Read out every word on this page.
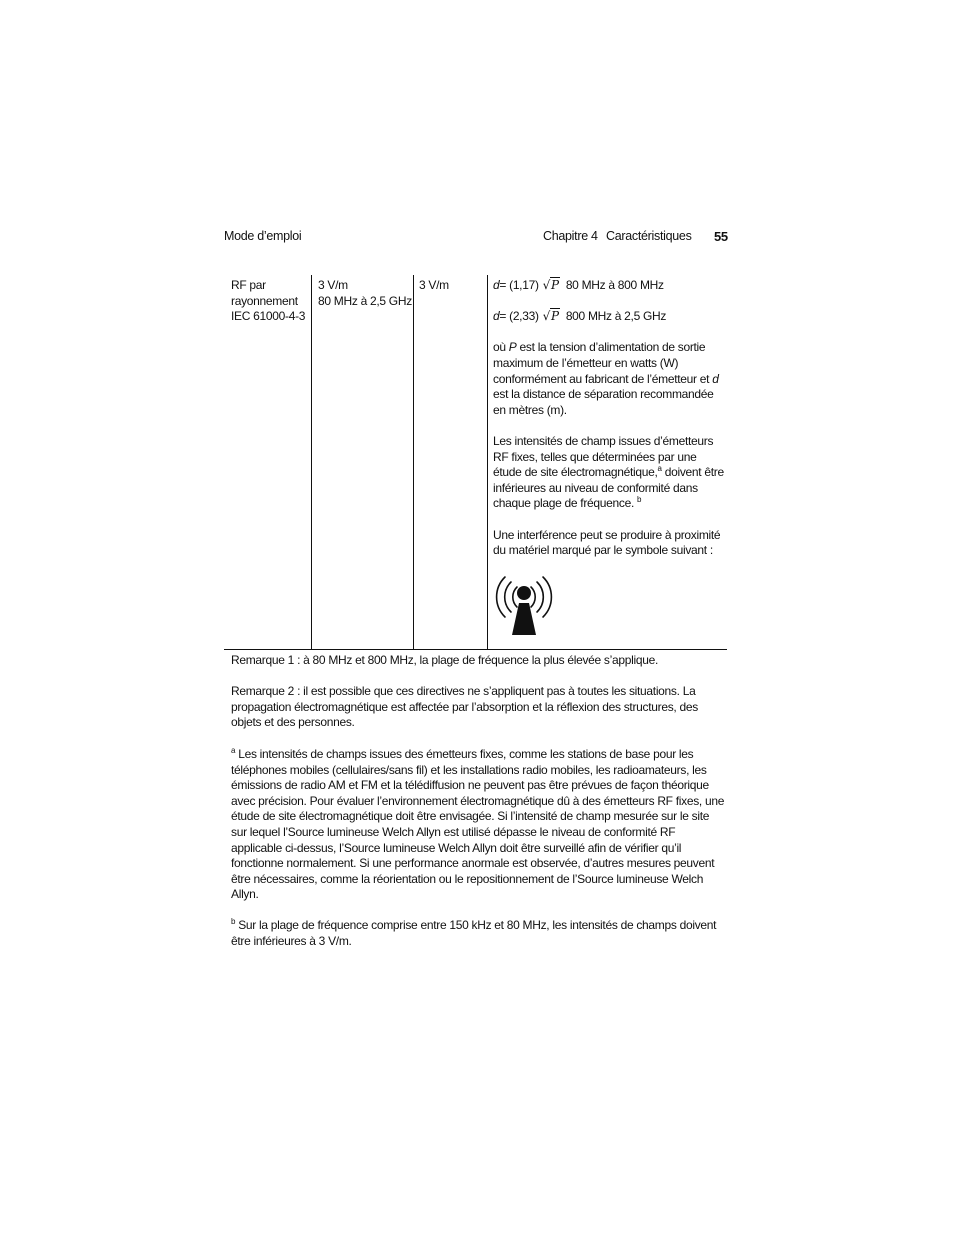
Mode d’emploi	Chapitre 4 Caractéristiques 55
RF par
rayonnement
IEC 61000-4-3
3 V/m
80 MHz à 2,5 GHz
3 V/m	d = (1,17) √P 80 MHz à 800 MHz

d = (2,33) √P 800 MHz à 2,5 GHz

où P est la tension d’alimentation de sortie maximum de l’émetteur en watts (W) conformément au fabricant de l’émetteur et d est la distance de séparation recommandée en mètres (m).

Les intensités de champ issues d’émetteurs RF fixes, telles que déterminées par une étude de site électromagnétique,$^a$ doivent être inférieures au niveau de conformité dans chaque plage de fréquence. $^b$

Une interférence peut se produire à proximité du matériel marqué par le symbole suivant :

Remarque 1 : à 80 MHz et 800 MHz, la plage de fréquence la plus élevée s’applique.
Remarque 2 : il est possible que ces directives ne s’appliquent pas à toutes les situations. La propagation électromagnétique est affectée par l’absorption et la réflexion des structures, des objets et des personnes.
$^a$ Les intensités de champs issues des émetteurs fixes, comme les stations de base pour les téléphones mobiles (cellulaires/sans fil) et les installations radio mobiles, les radioamateurs, les émissions de radio AM et FM et la télédiffusion ne peuvent pas être prévues de façon théorique avec précision. Pour évaluer l’environnement électromagnétique dû à des émetteurs RF fixes, une étude de site électromagnétique doit être envisagée. Si l’intensité de champ mesurée sur le site sur lequel l’Source lumineuse Welch Allyn est utilisé dépasse le niveau de conformité RF applicable ci-dessus, l’Source lumineuse Welch Allyn doit être surveillé afin de vérifier qu’il fonctionne normalement. Si une performance anormale est observée, d’autres mesures peuvent être nécessaires, comme la réorientation ou le repositionnement de l’Source lumineuse Welch Allyn.
$^b$ Sur la plage de fréquence comprise entre 150 kHz et 80 MHz, les intensités de champs doivent être inférieures à 3 V/m.
